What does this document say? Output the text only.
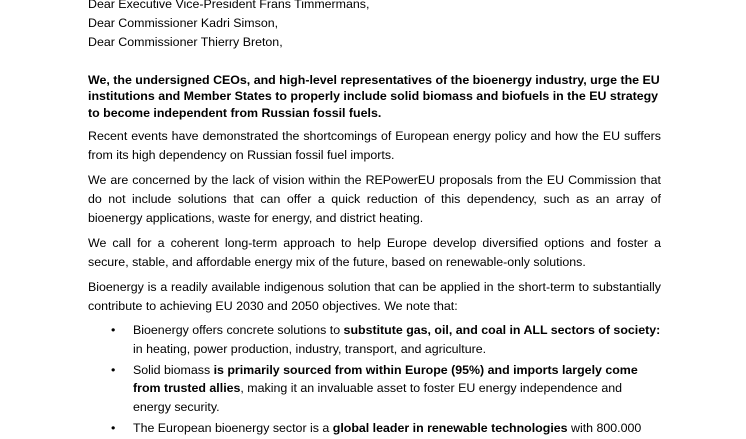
Dear Executive Vice-President Frans Timmermans,
Dear Commissioner Kadri Simson,
Dear Commissioner Thierry Breton,
We, the undersigned CEOs, and high-level representatives of the bioenergy industry, urge the EU institutions and Member States to properly include solid biomass and biofuels in the EU strategy to become independent from Russian fossil fuels.
Recent events have demonstrated the shortcomings of European energy policy and how the EU suffers from its high dependency on Russian fossil fuel imports.
We are concerned by the lack of vision within the REPowerEU proposals from the EU Commission that do not include solutions that can offer a quick reduction of this dependency, such as an array of bioenergy applications, waste for energy, and district heating.
We call for a coherent long-term approach to help Europe develop diversified options and foster a secure, stable, and affordable energy mix of the future, based on renewable-only solutions.
Bioenergy is a readily available indigenous solution that can be applied in the short-term to substantially contribute to achieving EU 2030 and 2050 objectives. We note that:
• Bioenergy offers concrete solutions to substitute gas, oil, and coal in ALL sectors of society: in heating, power production, industry, transport, and agriculture.
• Solid biomass is primarily sourced from within Europe (95%) and imports largely come from trusted allies, making it an invaluable asset to foster EU energy independence and energy security.
• The European bioenergy sector is a global leader in renewable technologies with 800.000
